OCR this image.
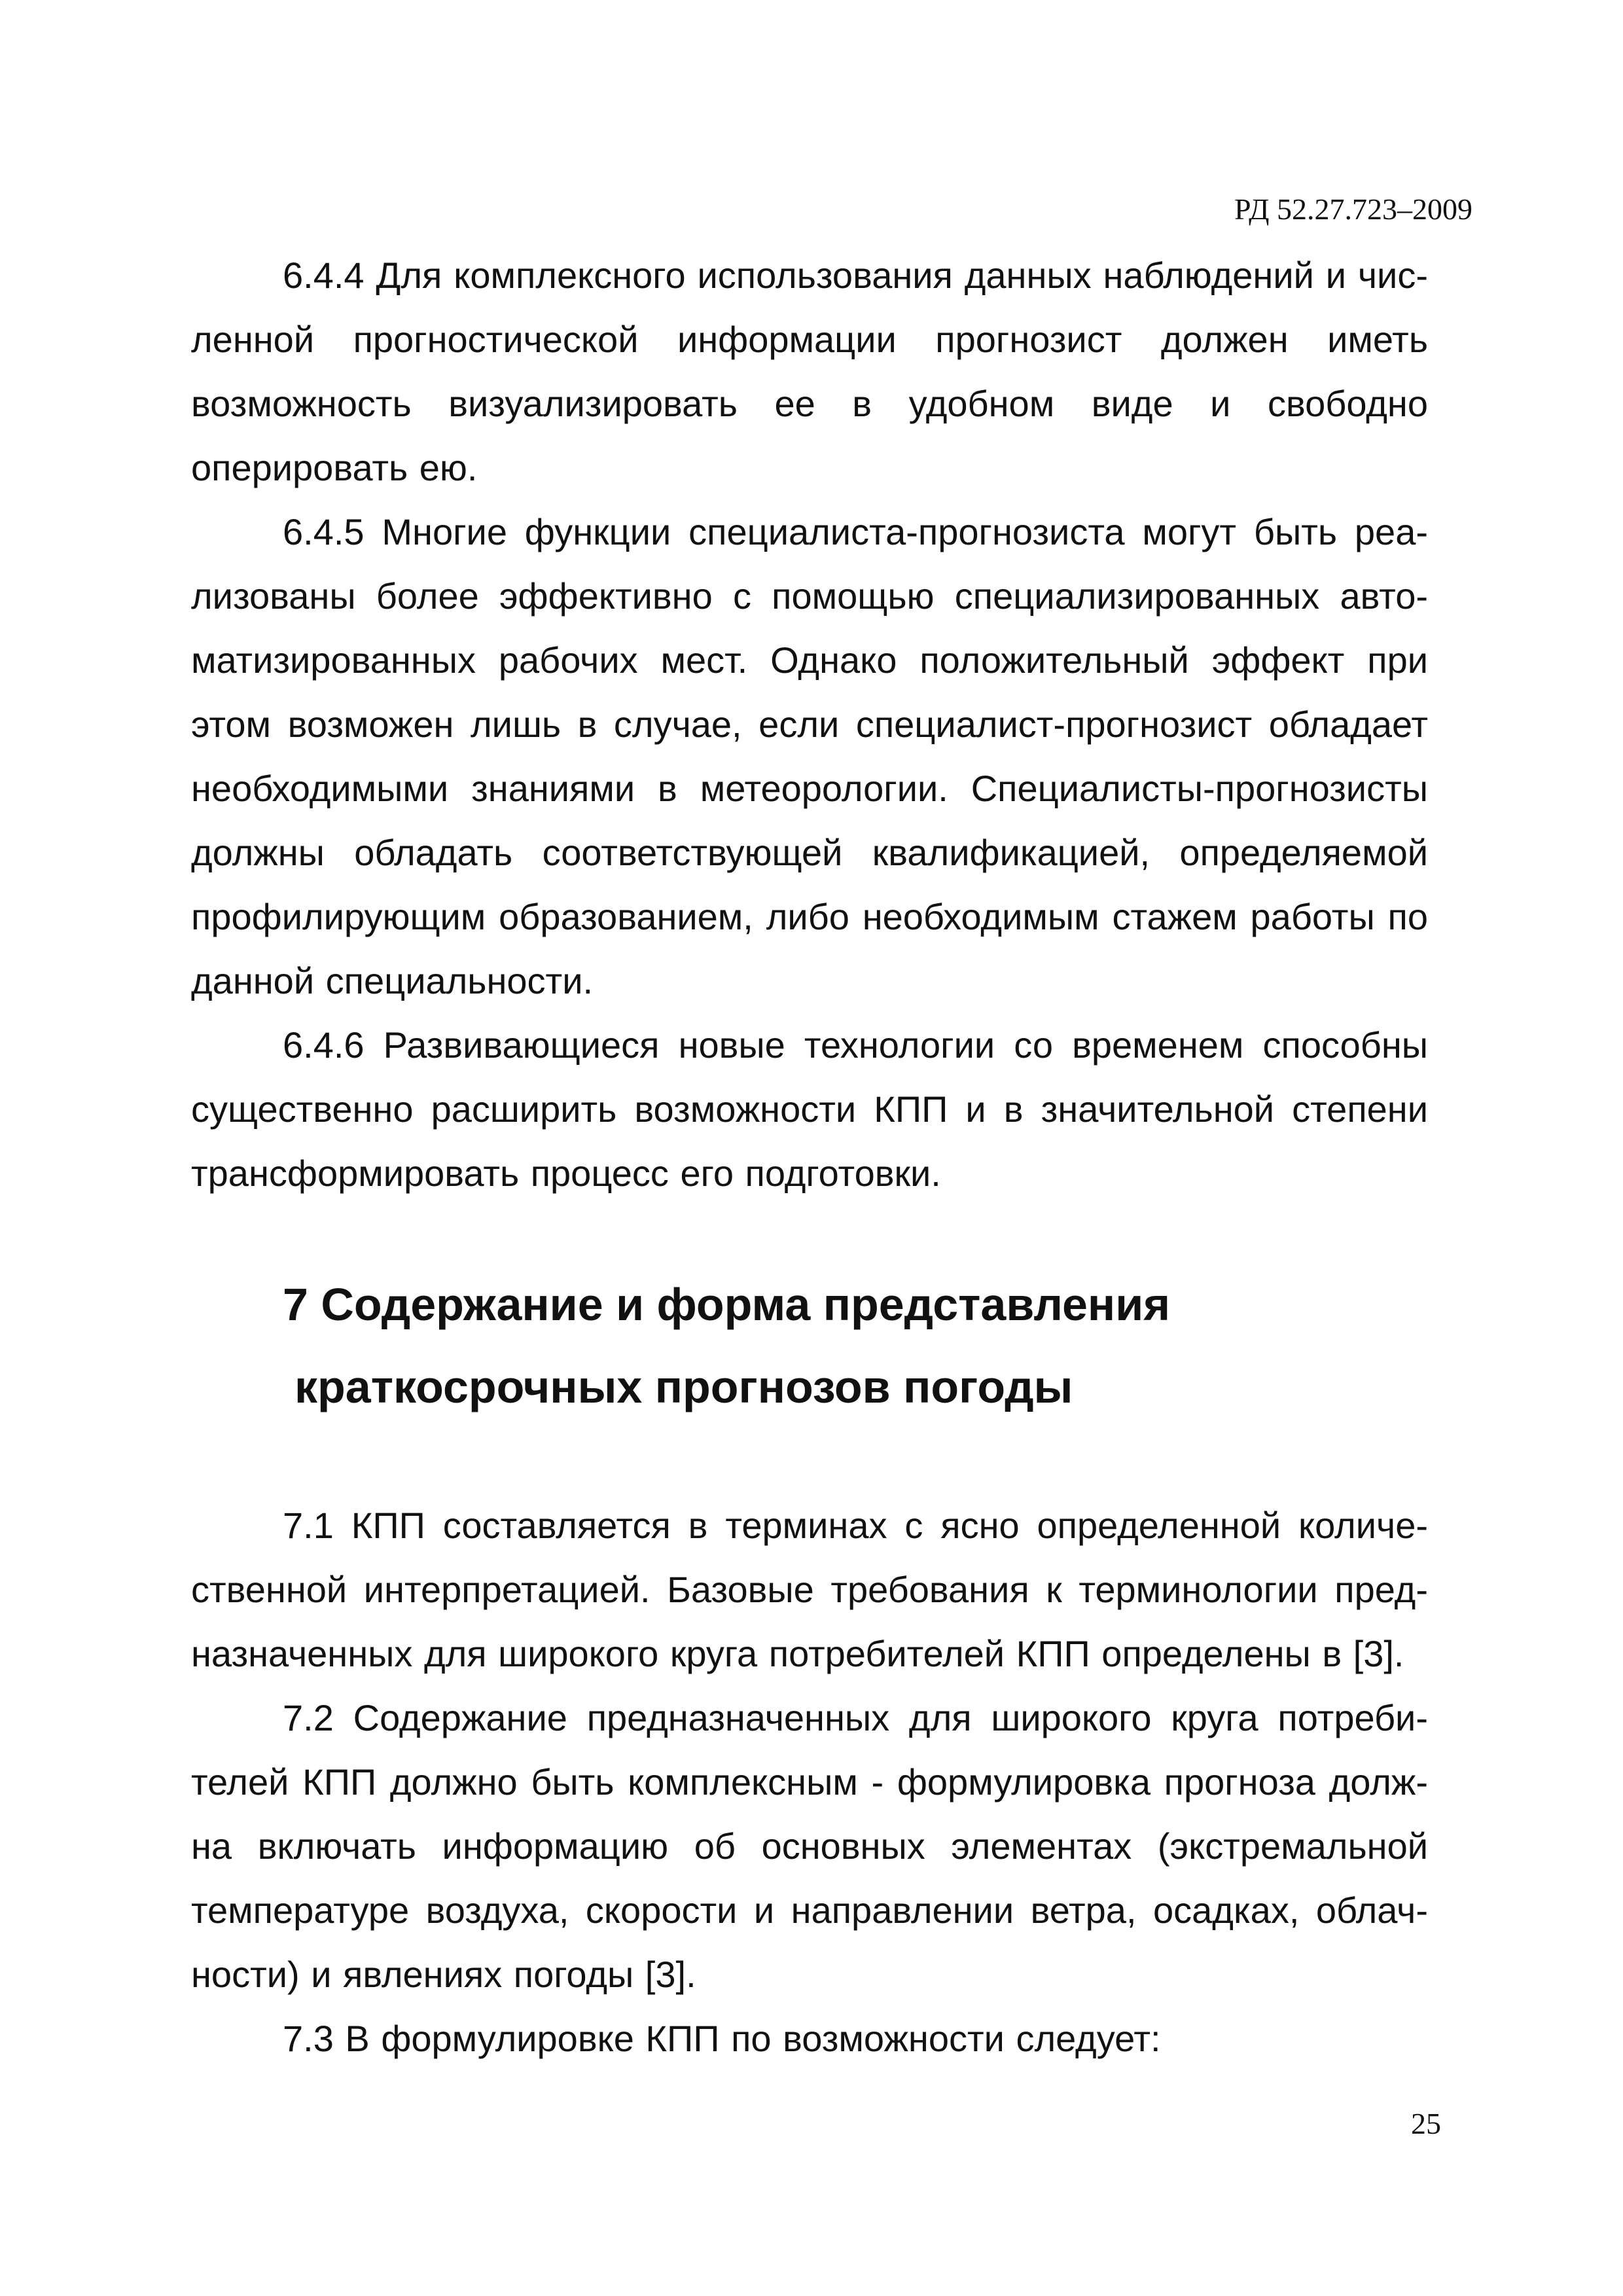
РД 52.27.723–2009

6.4.4 Для комплексного использования данных наблюдений и численной прогностической информации прогнозист должен иметь возможность визуализировать ее в удобном виде и свободно оперировать ею.

6.4.5 Многие функции специалиста-прогнозиста могут быть реализованы более эффективно с помощью специализированных автоматизированных рабочих мест. Однако положительный эффект при этом возможен лишь в случае, если специалист-прогнозист обладает необходимыми знаниями в метеорологии. Специалисты-прогнозисты должны обладать соответствующей квалификацией, определяемой профилирующим образованием, либо необходимым стажем работы по данной специальности.

6.4.6 Развивающиеся новые технологии со временем способны существенно расширить возможности КПП и в значительной степени трансформировать процесс его подготовки.

7 Содержание и форма представления
краткосрочных прогнозов погоды

7.1 КПП составляется в терминах с ясно определенной количественной интерпретацией. Базовые требования к терминологии предназначенных для широкого круга потребителей КПП определены в [3].

7.2 Содержание предназначенных для широкого круга потребителей КПП должно быть комплексным - формулировка прогноза должна включать информацию об основных элементах (экстремальной температуре воздуха, скорости и направлении ветра, осадках, облачности) и явлениях погоды [3].

7.3 В формулировке КПП по возможности следует:

25
